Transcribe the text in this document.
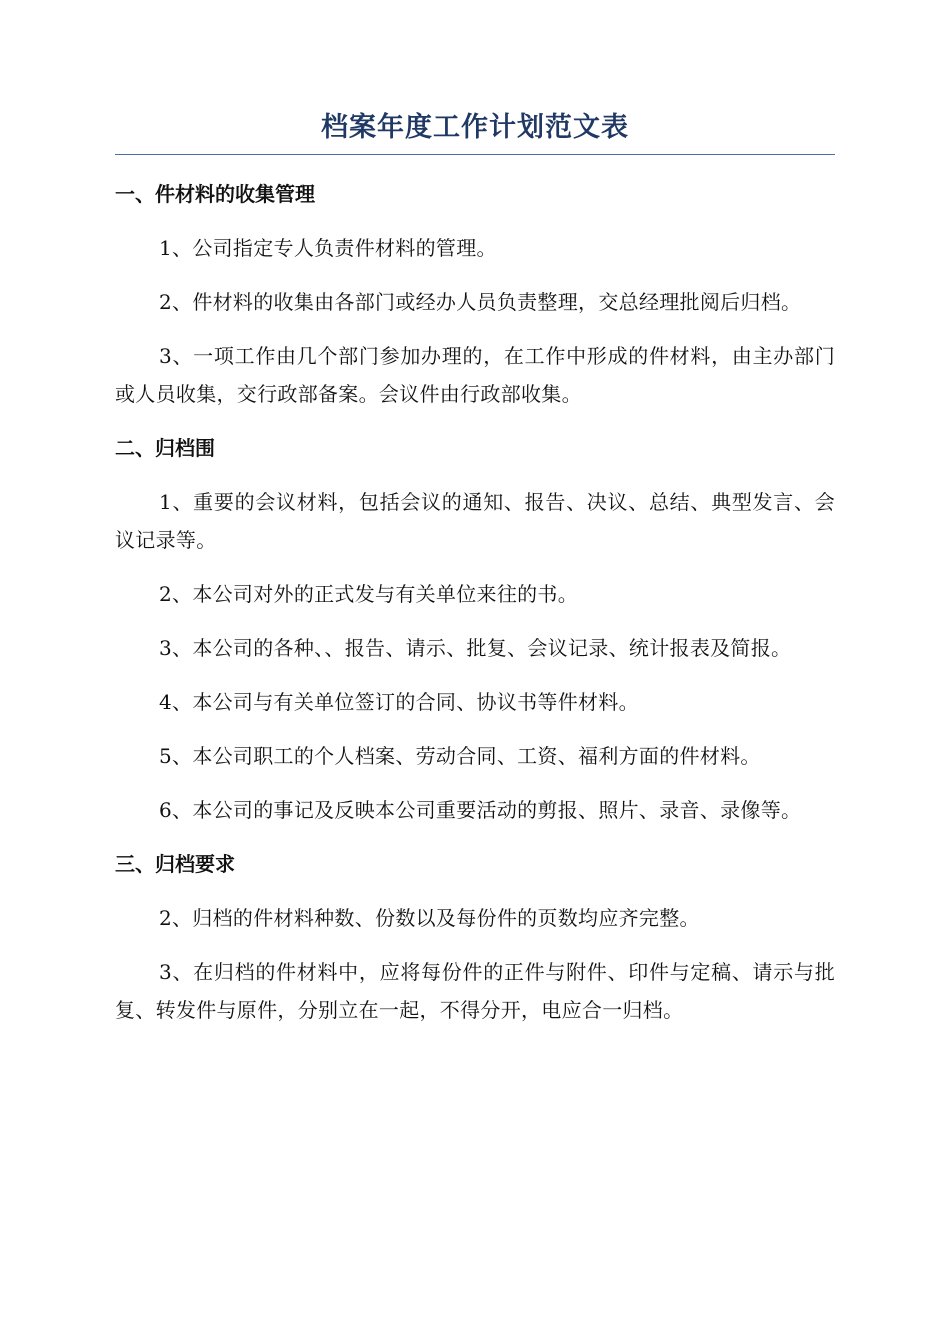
档案年度工作计划范文表
一、件材料的收集管理

1、公司指定专人负责件材料的管理。

2、件材料的收集由各部门或经办人员负责整理，交总经理批阅后归档。

3、一项工作由几个部门参加办理的，在工作中形成的件材料，由主办部门或人员收集，交行政部备案。会议件由行政部收集。

二、归档围

1、重要的会议材料，包括会议的通知、报告、决议、总结、典型发言、会议记录等。

2、本公司对外的正式发与有关单位来往的书。

3、本公司的各种、、报告、请示、批复、会议记录、统计报表及简报。

4、本公司与有关单位签订的合同、协议书等件材料。

5、本公司职工的个人档案、劳动合同、工资、福利方面的件材料。

6、本公司的事记及反映本公司重要活动的剪报、照片、录音、录像等。

三、归档要求

2、归档的件材料种数、份数以及每份件的页数均应齐完整。

3、在归档的件材料中，应将每份件的正件与附件、印件与定稿、请示与批复、转发件与原件，分别立在一起，不得分开，电应合一归档。
